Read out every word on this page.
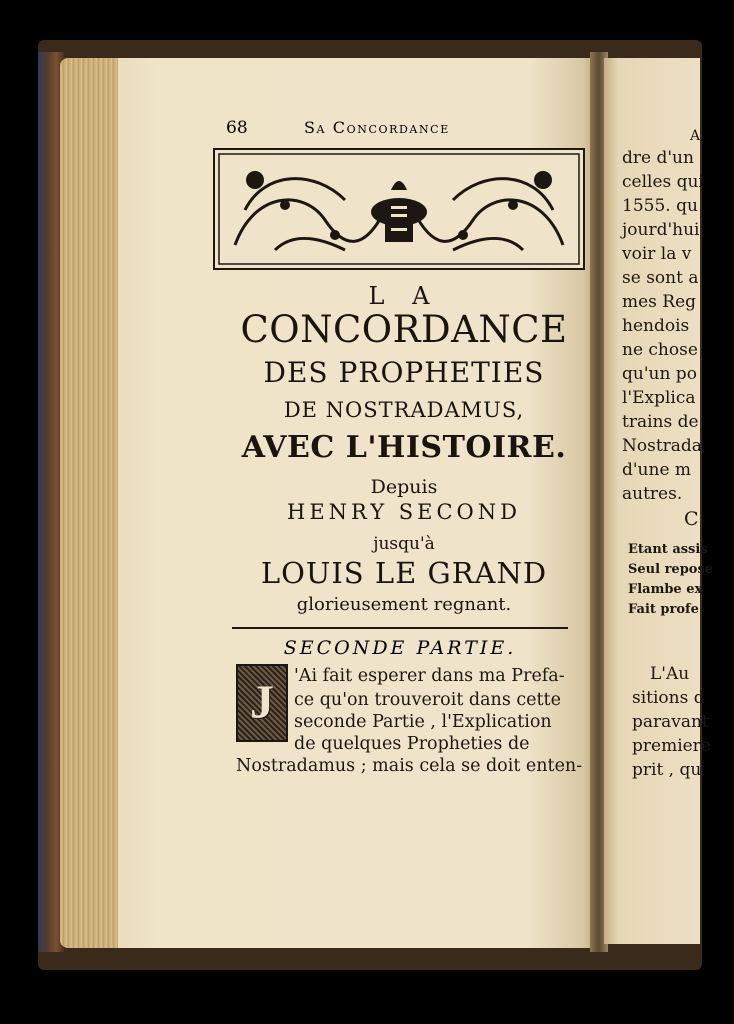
68	Sa Concordance
L A
CONCORDANCE
DES PROPHETIES
DE NOSTRADAMUS,
AVEC L'HISTOIRE.
Depuis
HENRY SECOND
jusqu'à
LOUIS LE GRAND
glorieusement regnant.
SECONDE PARTIE.
J 'Ai fait esperer dans ma Prefa-
ce qu'on trouveroit dans cette
seconde Partie , l'Explication
de quelques Propheties de
Nostradamus ; mais cela se doit enten-
A
dre d'un
celles qui
1555. qu
jourd'hui
voir la v
se sont a
mes Reg
hendois
ne chose
qu'un po
l'Explica
trains de
Nostrada
d'une m
autres.
C
Etant assis
Seul repose
Flambe ex
Fait profe
L'Au
sitions d
paravant
premiere
prit , qu
